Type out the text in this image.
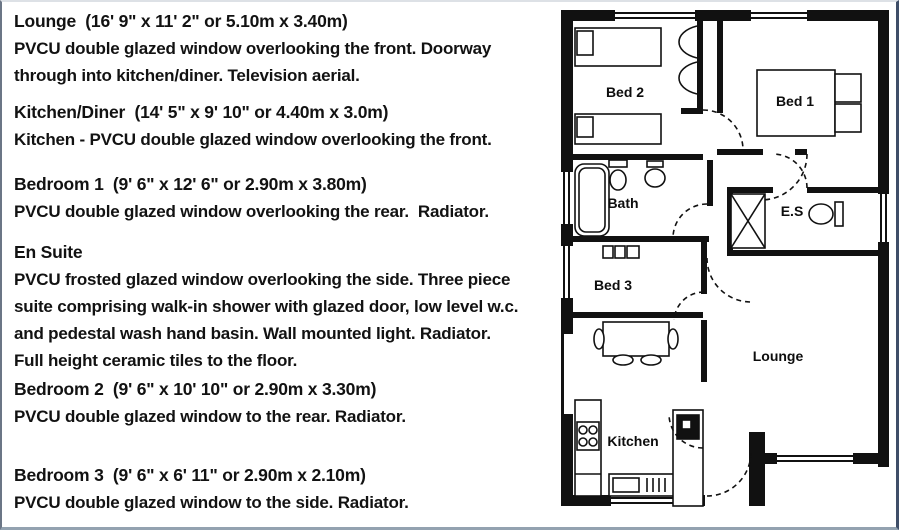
Lounge  (16' 9" x 11' 2" or 5.10m x 3.40m)
PVCU double glazed window overlooking the front. Doorway through into kitchen/diner. Television aerial.
Kitchen/Diner  (14' 5" x 9' 10" or 4.40m x 3.0m)
Kitchen - PVCU double glazed window overlooking the front.
Bedroom 1  (9' 6" x 12' 6" or 2.90m x 3.80m)
PVCU double glazed window overlooking the rear.  Radiator.
En Suite
PVCU frosted glazed window overlooking the side. Three piece suite comprising walk-in shower with glazed door, low level w.c. and pedestal wash hand basin. Wall mounted light. Radiator. Full height ceramic tiles to the floor.
Bedroom 2  (9' 6" x 10' 10" or 2.90m x 3.30m)
PVCU double glazed window to the rear. Radiator.
Bedroom 3  (9' 6" x 6' 11" or 2.90m x 2.10m)
PVCU double glazed window to the side. Radiator.
Bed 2
Bed 1
Bath	E.S
Bed 3
Lounge
Kitchen
